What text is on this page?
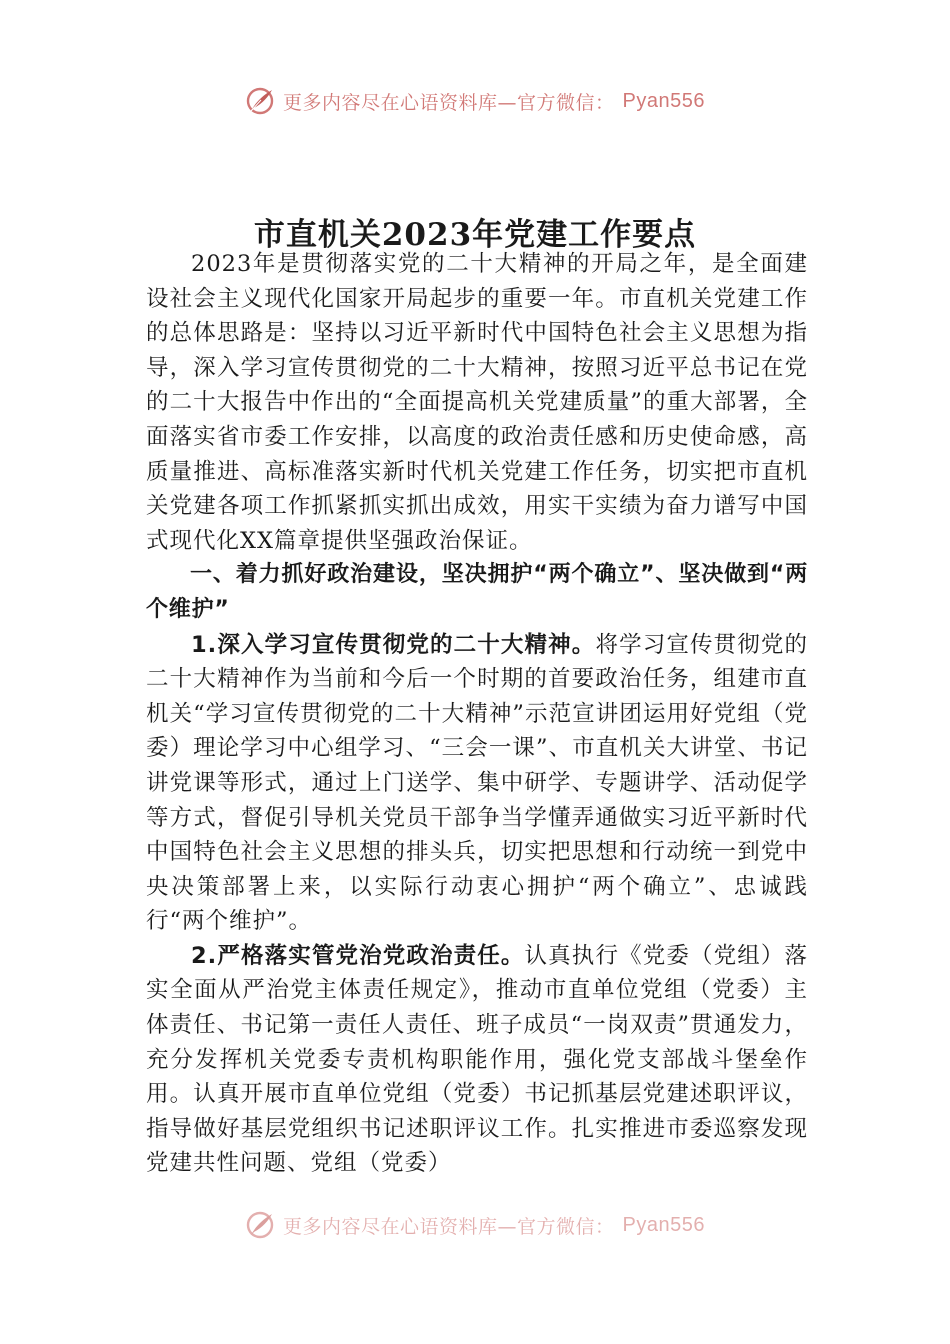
更多内容尽在心语资料库—官方微信： Pyan556
市直机关2023年党建工作要点

2023年是贯彻落实党的二十大精神的开局之年，是全面建设社会主义现代化国家开局起步的重要一年。市直机关党建工作的总体思路是：坚持以习近平新时代中国特色社会主义思想为指导，深入学习宣传贯彻党的二十大精神，按照习近平总书记在党的二十大报告中作出的“全面提高机关党建质量”的重大部署，全面落实省市委工作安排，以高度的政治责任感和历史使命感，高质量推进、高标准落实新时代机关党建工作任务，切实把市直机关党建各项工作抓紧抓实抓出成效，用实干实绩为奋力谱写中国式现代化XX篇章提供坚强政治保证。

一、着力抓好政治建设，坚决拥护“两个确立”、坚决做到“两个维护”

1.深入学习宣传贯彻党的二十大精神。将学习宣传贯彻党的二十大精神作为当前和今后一个时期的首要政治任务，组建市直机关“学习宣传贯彻党的二十大精神”示范宣讲团运用好党组（党委）理论学习中心组学习、“三会一课”、市直机关大讲堂、书记讲党课等形式，通过上门送学、集中研学、专题讲学、活动促学等方式，督促引导机关党员干部争当学懂弄通做实习近平新时代中国特色社会主义思想的排头兵，切实把思想和行动统一到党中央决策部署上来，以实际行动衷心拥护“两个确立”、忠诚践行“两个维护”。

2.严格落实管党治党政治责任。认真执行《党委（党组）落实全面从严治党主体责任规定》，推动市直单位党组（党委）主体责任、书记第一责任人责任、班子成员“一岗双责”贯通发力，充分发挥机关党委专责机构职能作用，强化党支部战斗堡垒作用。认真开展市直单位党组（党委）书记抓基层党建述职评议，指导做好基层党组织书记述职评议工作。扎实推进市委巡察发现党建共性问题、党组（党委）

更多内容尽在心语资料库—官方微信： Pyan556
